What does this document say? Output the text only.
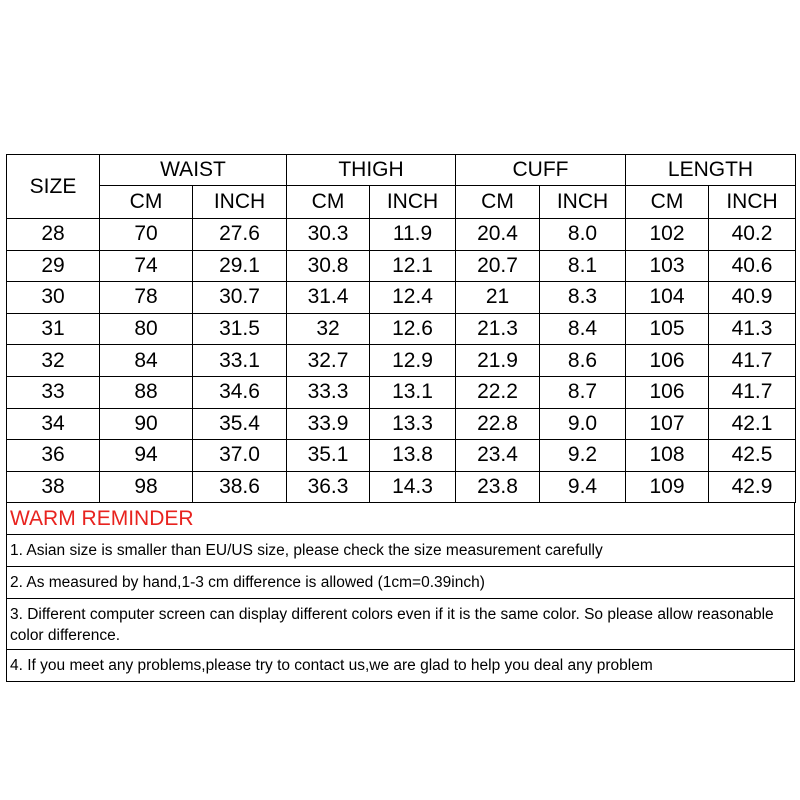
SIZE	WAIST		THIGH		CUFF		LENGTH	
	CM	INCH	CM	INCH	CM	INCH	CM	INCH
28	70	27.6	30.3	11.9	20.4	8.0	102	40.2
29	74	29.1	30.8	12.1	20.7	8.1	103	40.6
30	78	30.7	31.4	12.4	21	8.3	104	40.9
31	80	31.5	32	12.6	21.3	8.4	105	41.3
32	84	33.1	32.7	12.9	21.9	8.6	106	41.7
33	88	34.6	33.3	13.1	22.2	8.7	106	41.7
34	90	35.4	33.9	13.3	22.8	9.0	107	42.1
36	94	37.0	35.1	13.8	23.4	9.2	108	42.5
38	98	38.6	36.3	14.3	23.8	9.4	109	42.9
WARM REMINDER
1. Asian size is smaller than EU/US size, please check the size measurement carefully
2. As measured by hand,1-3 cm difference is allowed (1cm=0.39inch)
3. Different computer screen can display different colors even if it is the same color. So please allow reasonable color difference.
4. If you meet any problems,please try to contact us,we are glad to help you deal any problem
